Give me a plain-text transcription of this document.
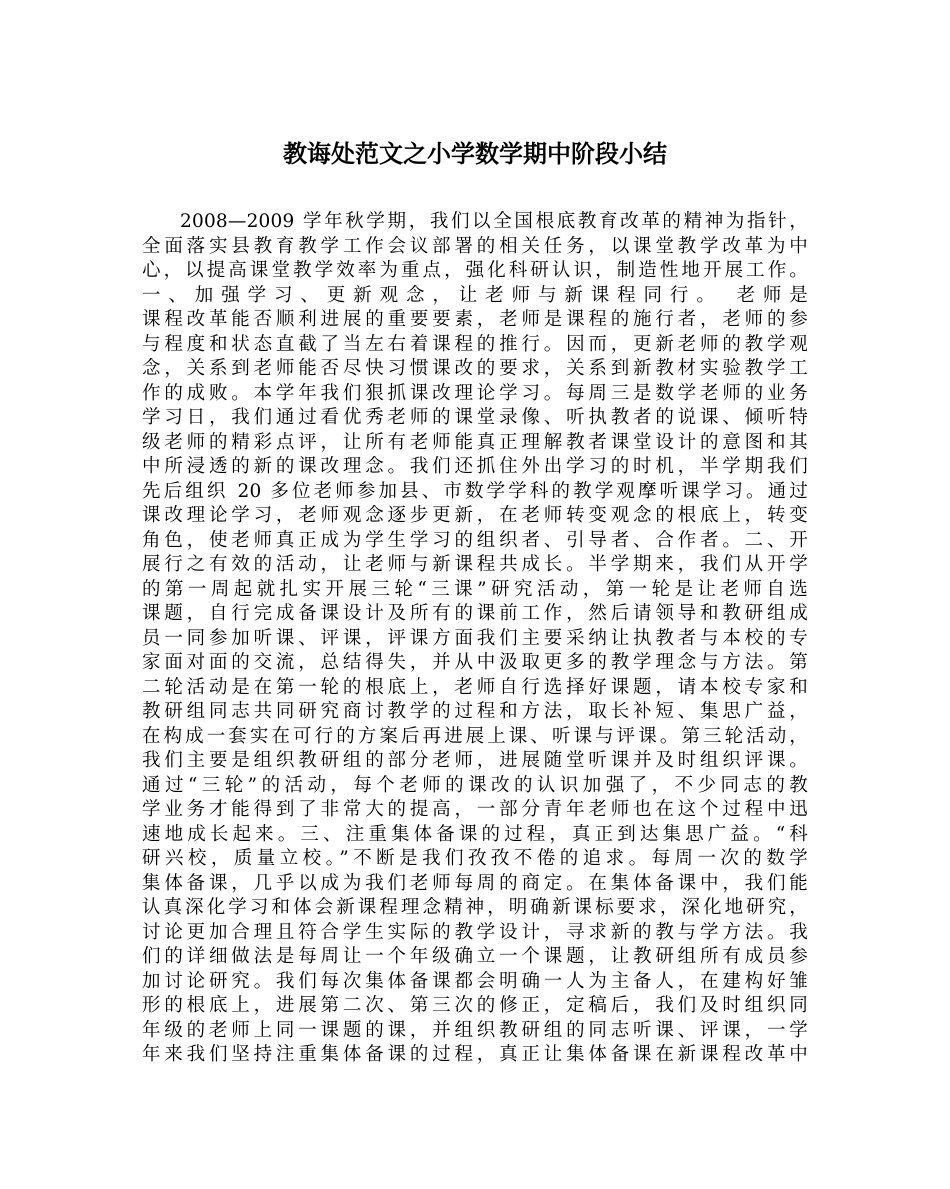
教诲处范文之小学数学期中阶段小结
2008—2009 学年秋学期，我们以全国根底教育改革的精神为指针，
全面落实县教育教学工作会议部署的相关任务，以课堂教学改革为中
心，以提高课堂教学效率为重点，强化科研认识，制造性地开展工作。
一、加强学习、更新观念，让老师与新课程同行。 老师是
课程改革能否顺利进展的重要要素，老师是课程的施行者，老师的参
与程度和状态直截了当左右着课程的推行。因而，更新老师的教学观
念，关系到老师能否尽快习惯课改的要求，关系到新教材实验教学工
作的成败。本学年我们狠抓课改理论学习。每周三是数学老师的业务
学习日，我们通过看优秀老师的课堂录像、听执教者的说课、倾听特
级老师的精彩点评，让所有老师能真正理解教者课堂设计的意图和其
中所浸透的新的课改理念。我们还抓住外出学习的时机，半学期我们
先后组织 20 多位老师参加县、市数学学科的教学观摩听课学习。通过
课改理论学习，老师观念逐步更新，在老师转变观念的根底上，转变
角色，使老师真正成为学生学习的组织者、引导者、合作者。二、开
展行之有效的活动，让老师与新课程共成长。半学期来，我们从开学
的第一周起就扎实开展三轮“三课”研究活动，第一轮是让老师自选
课题，自行完成备课设计及所有的课前工作，然后请领导和教研组成
员一同参加听课、评课，评课方面我们主要采纳让执教者与本校的专
家面对面的交流，总结得失，并从中汲取更多的教学理念与方法。第
二轮活动是在第一轮的根底上，老师自行选择好课题，请本校专家和
教研组同志共同研究商讨教学的过程和方法，取长补短、集思广益，
在构成一套实在可行的方案后再进展上课、听课与评课。第三轮活动，
我们主要是组织教研组的部分老师，进展随堂听课并及时组织评课。
通过“三轮”的活动，每个老师的课改的认识加强了，不少同志的教
学业务才能得到了非常大的提高，一部分青年老师也在这个过程中迅
速地成长起来。三、注重集体备课的过程，真正到达集思广益。“科
研兴校，质量立校。”不断是我们孜孜不倦的追求。每周一次的数学
集体备课，几乎以成为我们老师每周的商定。在集体备课中，我们能
认真深化学习和体会新课程理念精神，明确新课标要求，深化地研究，
讨论更加合理且符合学生实际的教学设计，寻求新的教与学方法。我
们的详细做法是每周让一个年级确立一个课题，让教研组所有成员参
加讨论研究。我们每次集体备课都会明确一人为主备人，在建构好雏
形的根底上，进展第二次、第三次的修正，定稿后，我们及时组织同
年级的老师上同一课题的课，并组织教研组的同志听课、评课，一学
年来我们坚持注重集体备课的过程，真正让集体备课在新课程改革中
